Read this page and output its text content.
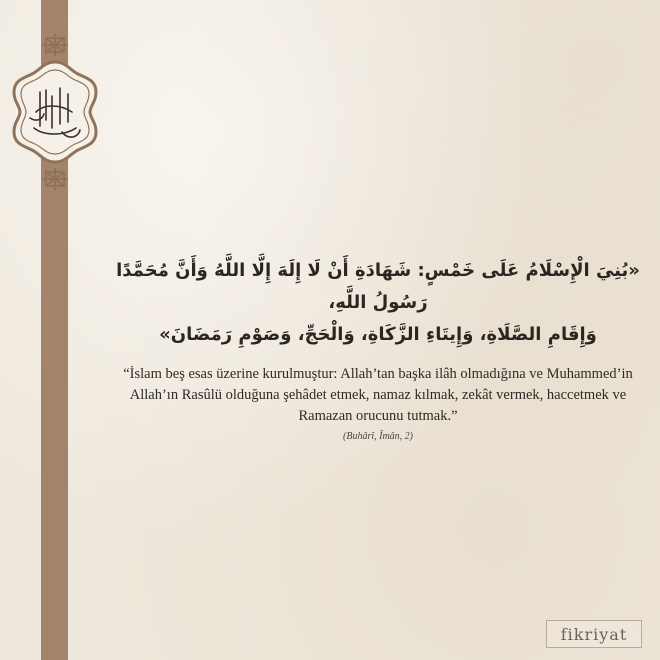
«بُنِيَ الْإِسْلَامُ عَلَى خَمْسٍ: شَهَادَةِ أَنْ لَا إِلَهَ إِلَّا اللَّهُ وَأَنَّ مُحَمَّدًا رَسُولُ اللَّهِ،

وَإِقَامِ الصَّلَاةِ، وَإِيتَاءِ الزَّكَاةِ، وَالْحَجِّ، وَصَوْمِ رَمَضَانَ»

“İslam beş esas üzerine kurulmuştur: Allah’tan başka ilâh olmadığına ve Muhammed’in
Allah’ın Rasûlü olduğuna şehâdet etmek, namaz kılmak, zekât vermek, haccetmek ve
Ramazan orucunu tutmak.”

(Buhârî, Îmân, 2)
fikriyat
